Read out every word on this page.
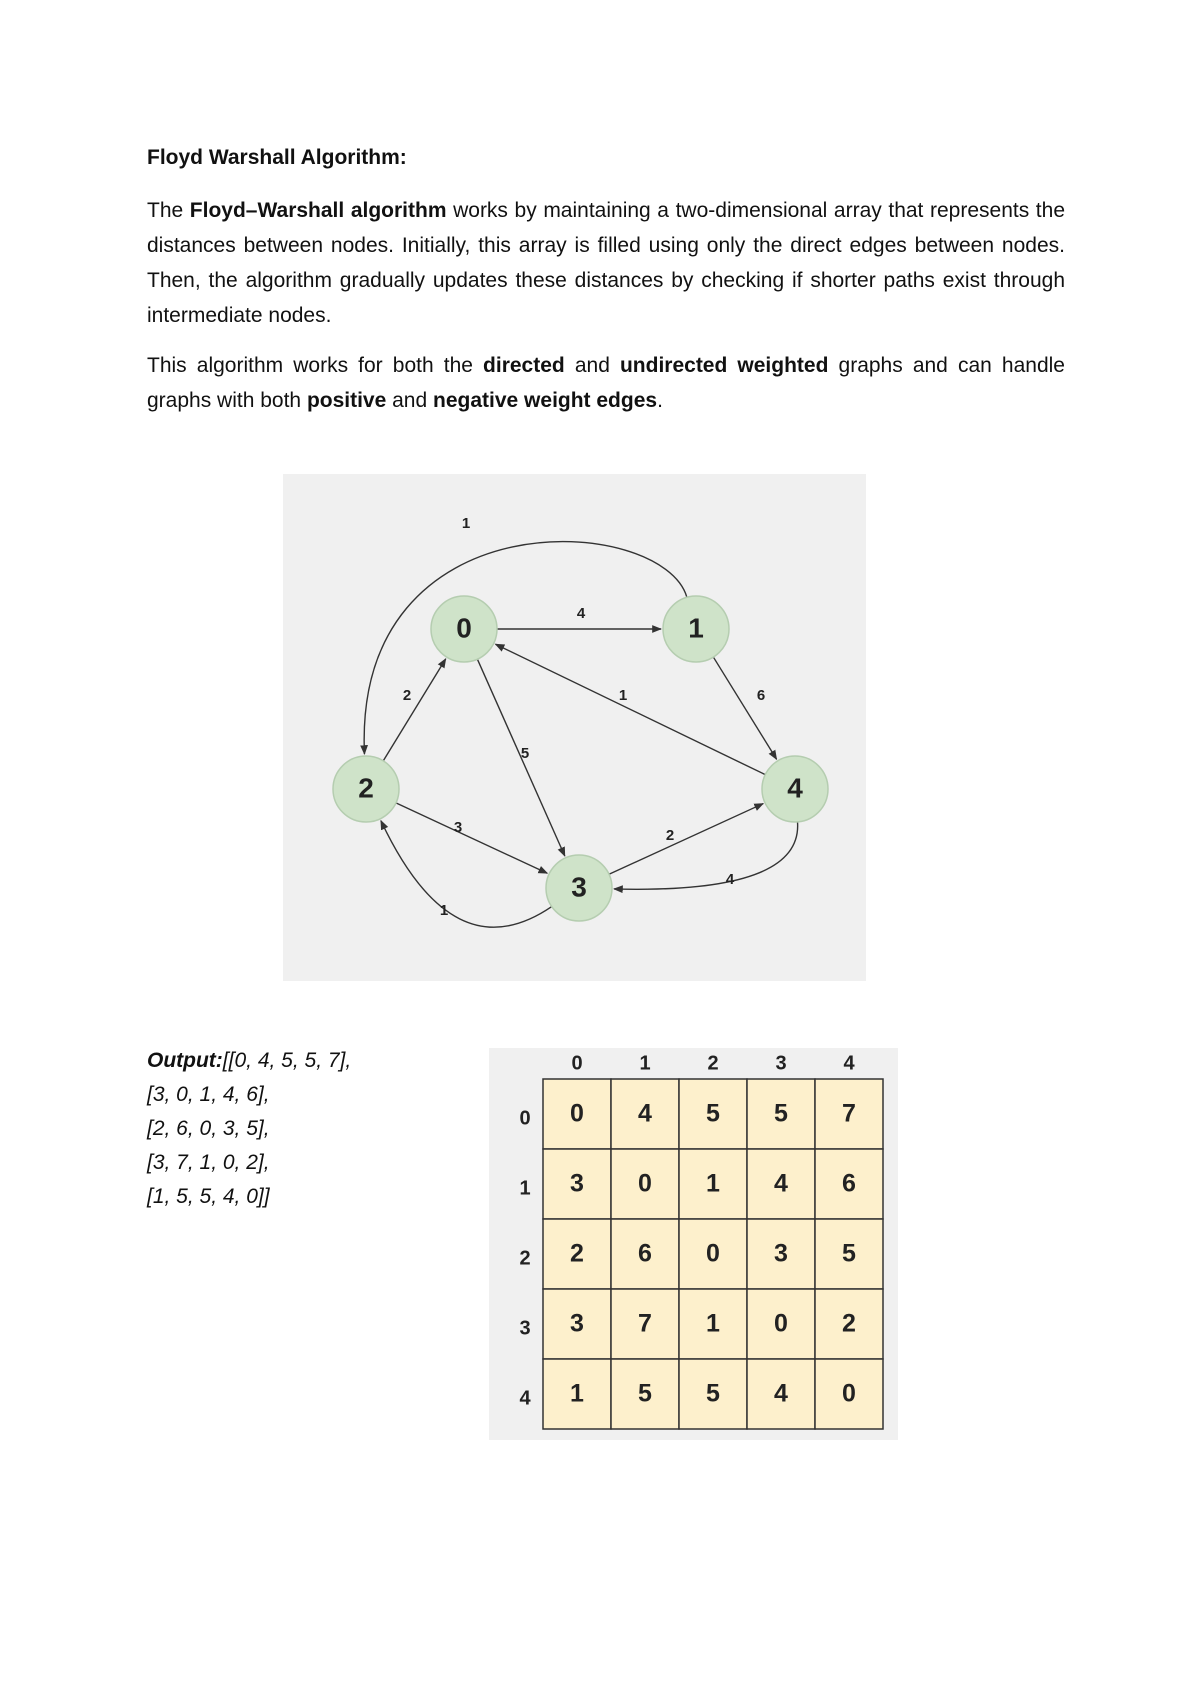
Floyd Warshall Algorithm:
The Floyd–Warshall algorithm works by maintaining a two-dimensional array that represents the distances between nodes. Initially, this array is filled using only the direct edges between nodes. Then, the algorithm gradually updates these distances by checking if shorter paths exist through intermediate nodes.
This algorithm works for both the directed and undirected weighted graphs and can handle graphs with both positive and negative weight edges.
4
1
6
1
2
5
3	2
4
1
0	1
2
3
4
Output:[[0, 4, 5, 5, 7],
[3, 0, 1, 4, 6],
[2, 6, 0, 3, 5],
[3, 7, 1, 0, 2],
[1, 5, 5, 4, 0]]
0	1	2	3	4
0 0 4 5 5 7
1 3 0 1 4 6
2 2 6 0 3 5
3 3 7 1 0 2
4 1 5 5 4 0
